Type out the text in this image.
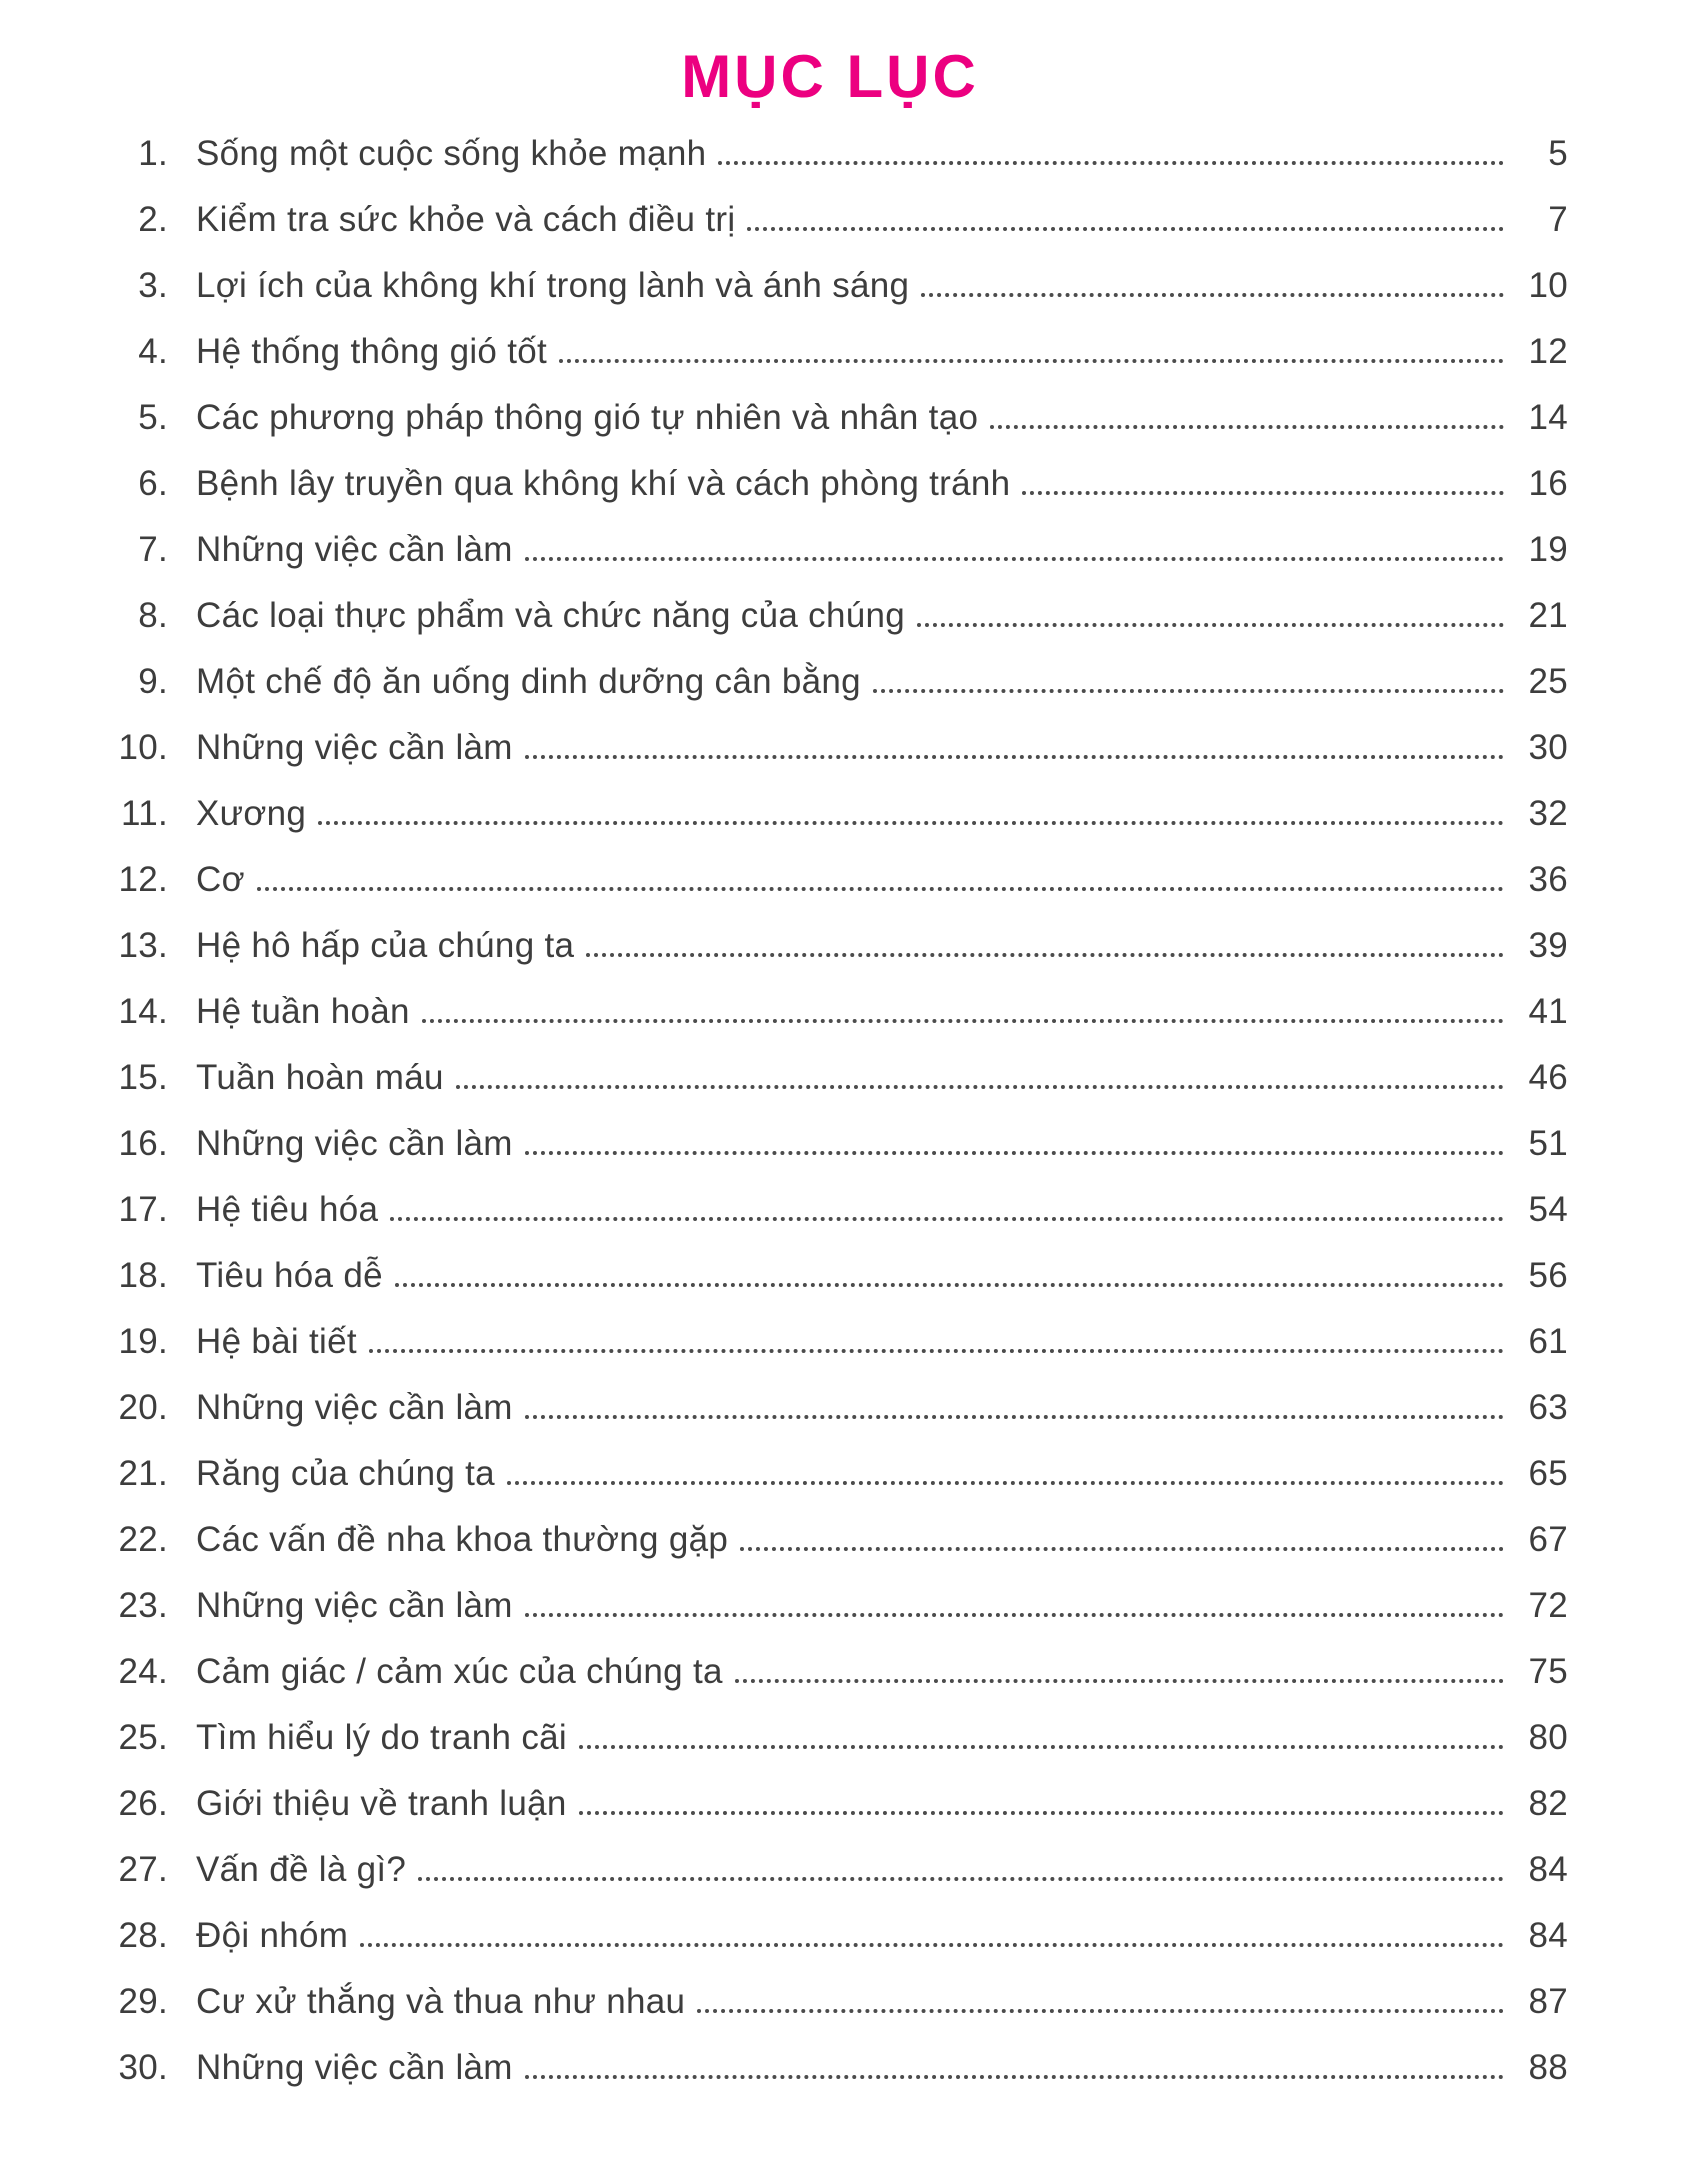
MỤC LỤC
1. Sống một cuộc sống khỏe mạnh	5
2. Kiểm tra sức khỏe và cách điều trị	7
3. Lợi ích của không khí trong lành và ánh sáng	10
4. Hệ thống thông gió tốt	12
5. Các phương pháp thông gió tự nhiên và nhân tạo	14
6. Bệnh lây truyền qua không khí và cách phòng tránh	16
7. Những việc cần làm	19
8. Các loại thực phẩm và chức năng của chúng	21
9. Một chế độ ăn uống dinh dưỡng cân bằng	25
10. Những việc cần làm	30
11. Xương	32
12. Cơ	36
13. Hệ hô hấp của chúng ta	39
14. Hệ tuần hoàn	41
15. Tuần hoàn máu	46
16. Những việc cần làm	51
17. Hệ tiêu hóa	54
18. Tiêu hóa dễ	56
19. Hệ bài tiết	61
20. Những việc cần làm	63
21. Răng của chúng ta	65
22. Các vấn đề nha khoa thường gặp	67
23. Những việc cần làm	72
24. Cảm giác / cảm xúc của chúng ta	75
25. Tìm hiểu lý do tranh cãi	80
26. Giới thiệu về tranh luận	82
27. Vấn đề là gì?	84
28. Đội nhóm	84
29. Cư xử thắng và thua như nhau	87
30. Những việc cần làm	88
